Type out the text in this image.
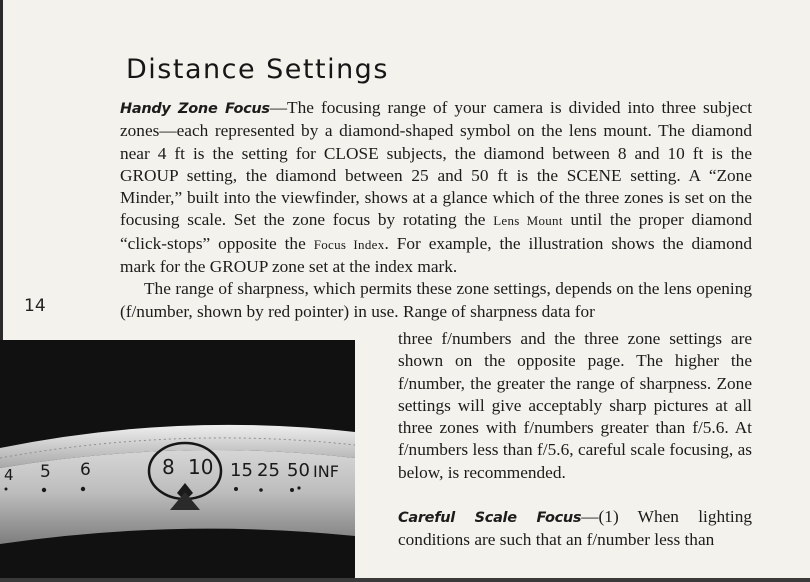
Distance Settings
14

Handy Zone Focus—The focusing range of your camera is divided into three subject zones—each represented by a diamond-shaped symbol on the lens mount. The diamond near 4 ft is the setting for CLOSE subjects, the diamond between 8 and 10 ft is the GROUP setting, the diamond between 25 and 50 ft is the SCENE setting. A “Zone Minder,” built into the viewfinder, shows at a glance which of the three zones is set on the focusing scale. Set the zone focus by rotating the Lens Mount until the proper diamond “click-stops” opposite the Focus Index. For example, the illustration shows the diamond mark for the GROUP zone set at the index mark.

The range of sharpness, which permits these zone settings, depends on the lens opening (f/number, shown by red pointer) in use. Range of sharpness data for

three f/numbers and the three zone settings are shown on the opposite page. The higher the f/number, the greater the range of sharpness. Zone settings will give acceptably sharp pictures at all three zones with f/numbers greater than f/5.6. At f/numbers less than f/5.6, careful scale focusing, as below, is recommended.

Careful Scale Focus—(1) When lighting conditions are such that an f/number less than

4 5 6	8 10 15 25 50 INF
